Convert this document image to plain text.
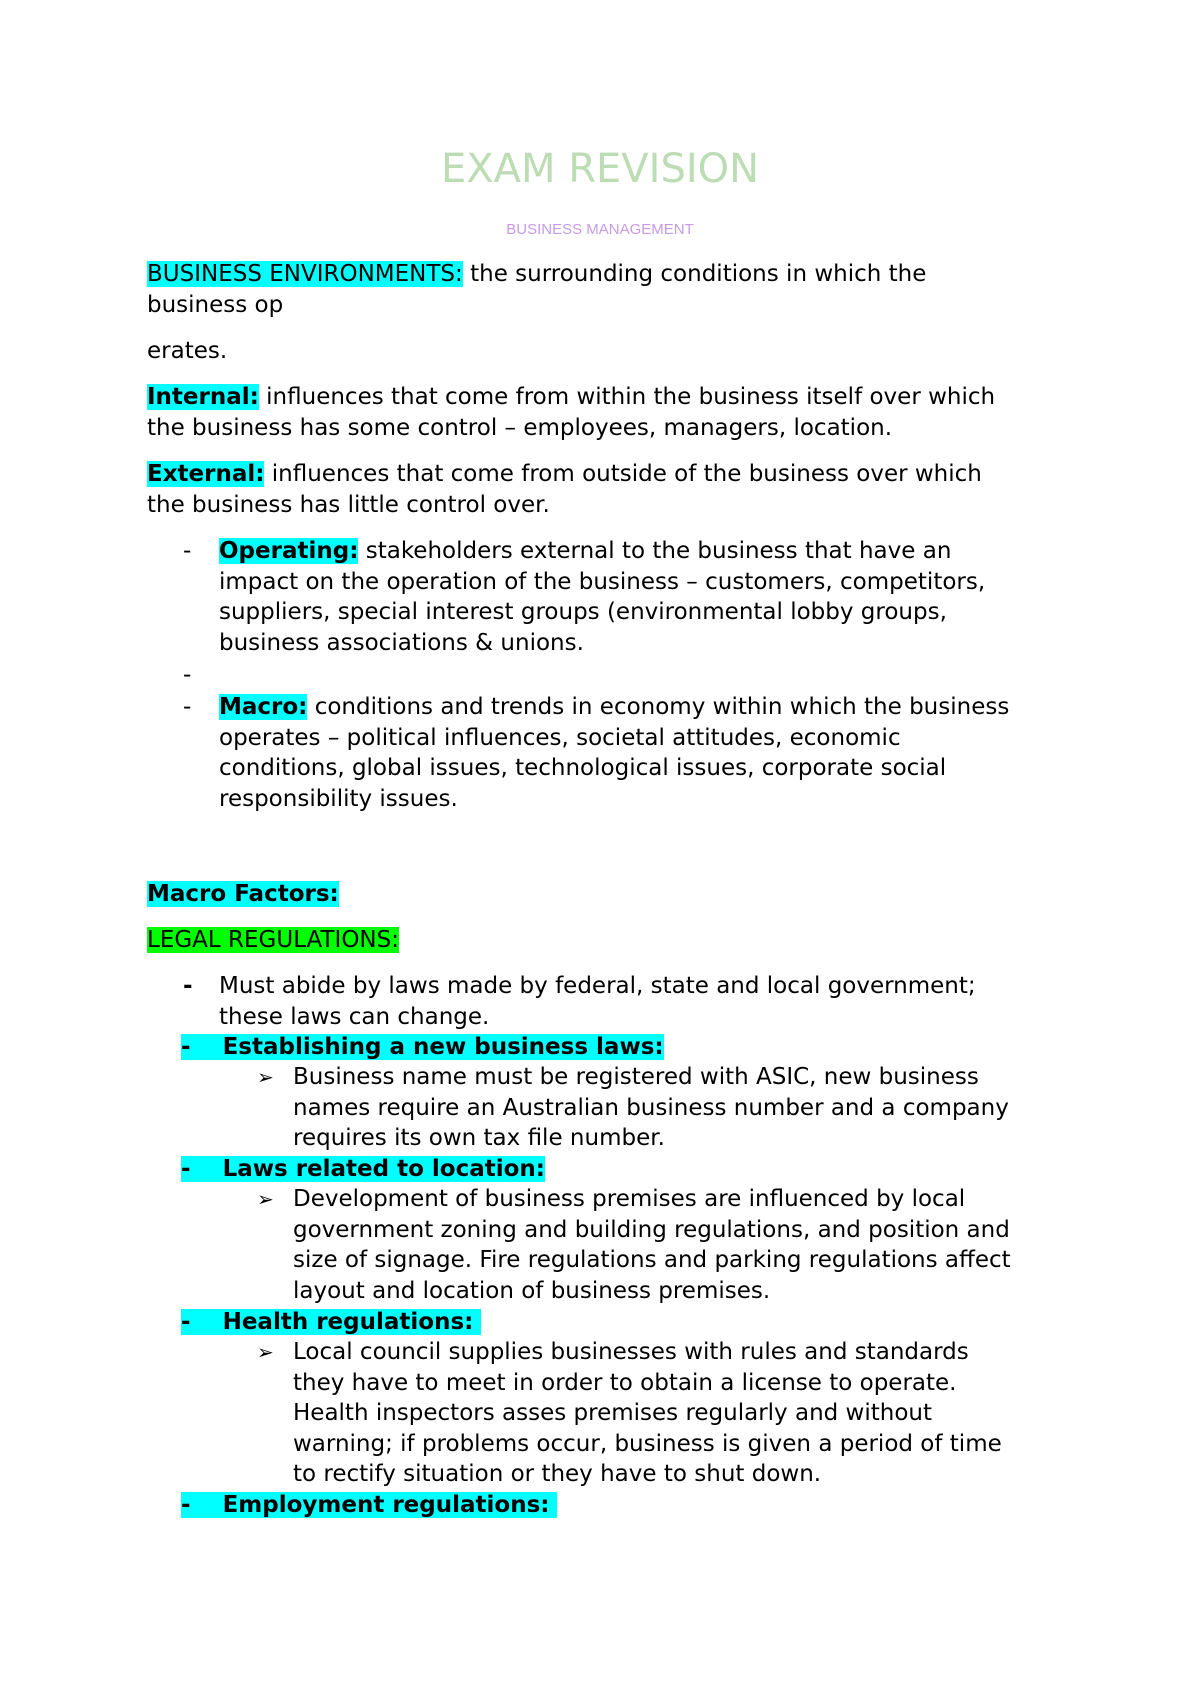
EXAM REVISION
BUSINESS MANAGEMENT
BUSINESS ENVIRONMENTS: the surrounding conditions in which the
business op
erates.
Internal: influences that come from within the business itself over which
the business has some control – employees, managers, location.
External: influences that come from outside of the business over which
the business has little control over.
- Operating: stakeholders external to the business that have an
impact on the operation of the business – customers, competitors,
suppliers, special interest groups (environmental lobby groups,
business associations & unions.
-
- Macro: conditions and trends in economy within which the business
operates – political influences, societal attitudes, economic
conditions, global issues, technological issues, corporate social
responsibility issues.
Macro Factors:
LEGAL REGULATIONS:
- Must abide by laws made by federal, state and local government;
these laws can change.
-    Establishing a new business laws:
➢ Business name must be registered with ASIC, new business
names require an Australian business number and a company
requires its own tax file number.
-    Laws related to location:
➢ Development of business premises are influenced by local
government zoning and building regulations, and position and
size of signage. Fire regulations and parking regulations affect
layout and location of business premises.
-    Health regulations:
➢ Local council supplies businesses with rules and standards
they have to meet in order to obtain a license to operate.
Health inspectors asses premises regularly and without
warning; if problems occur, business is given a period of time
to rectify situation or they have to shut down.
-    Employment regulations:
